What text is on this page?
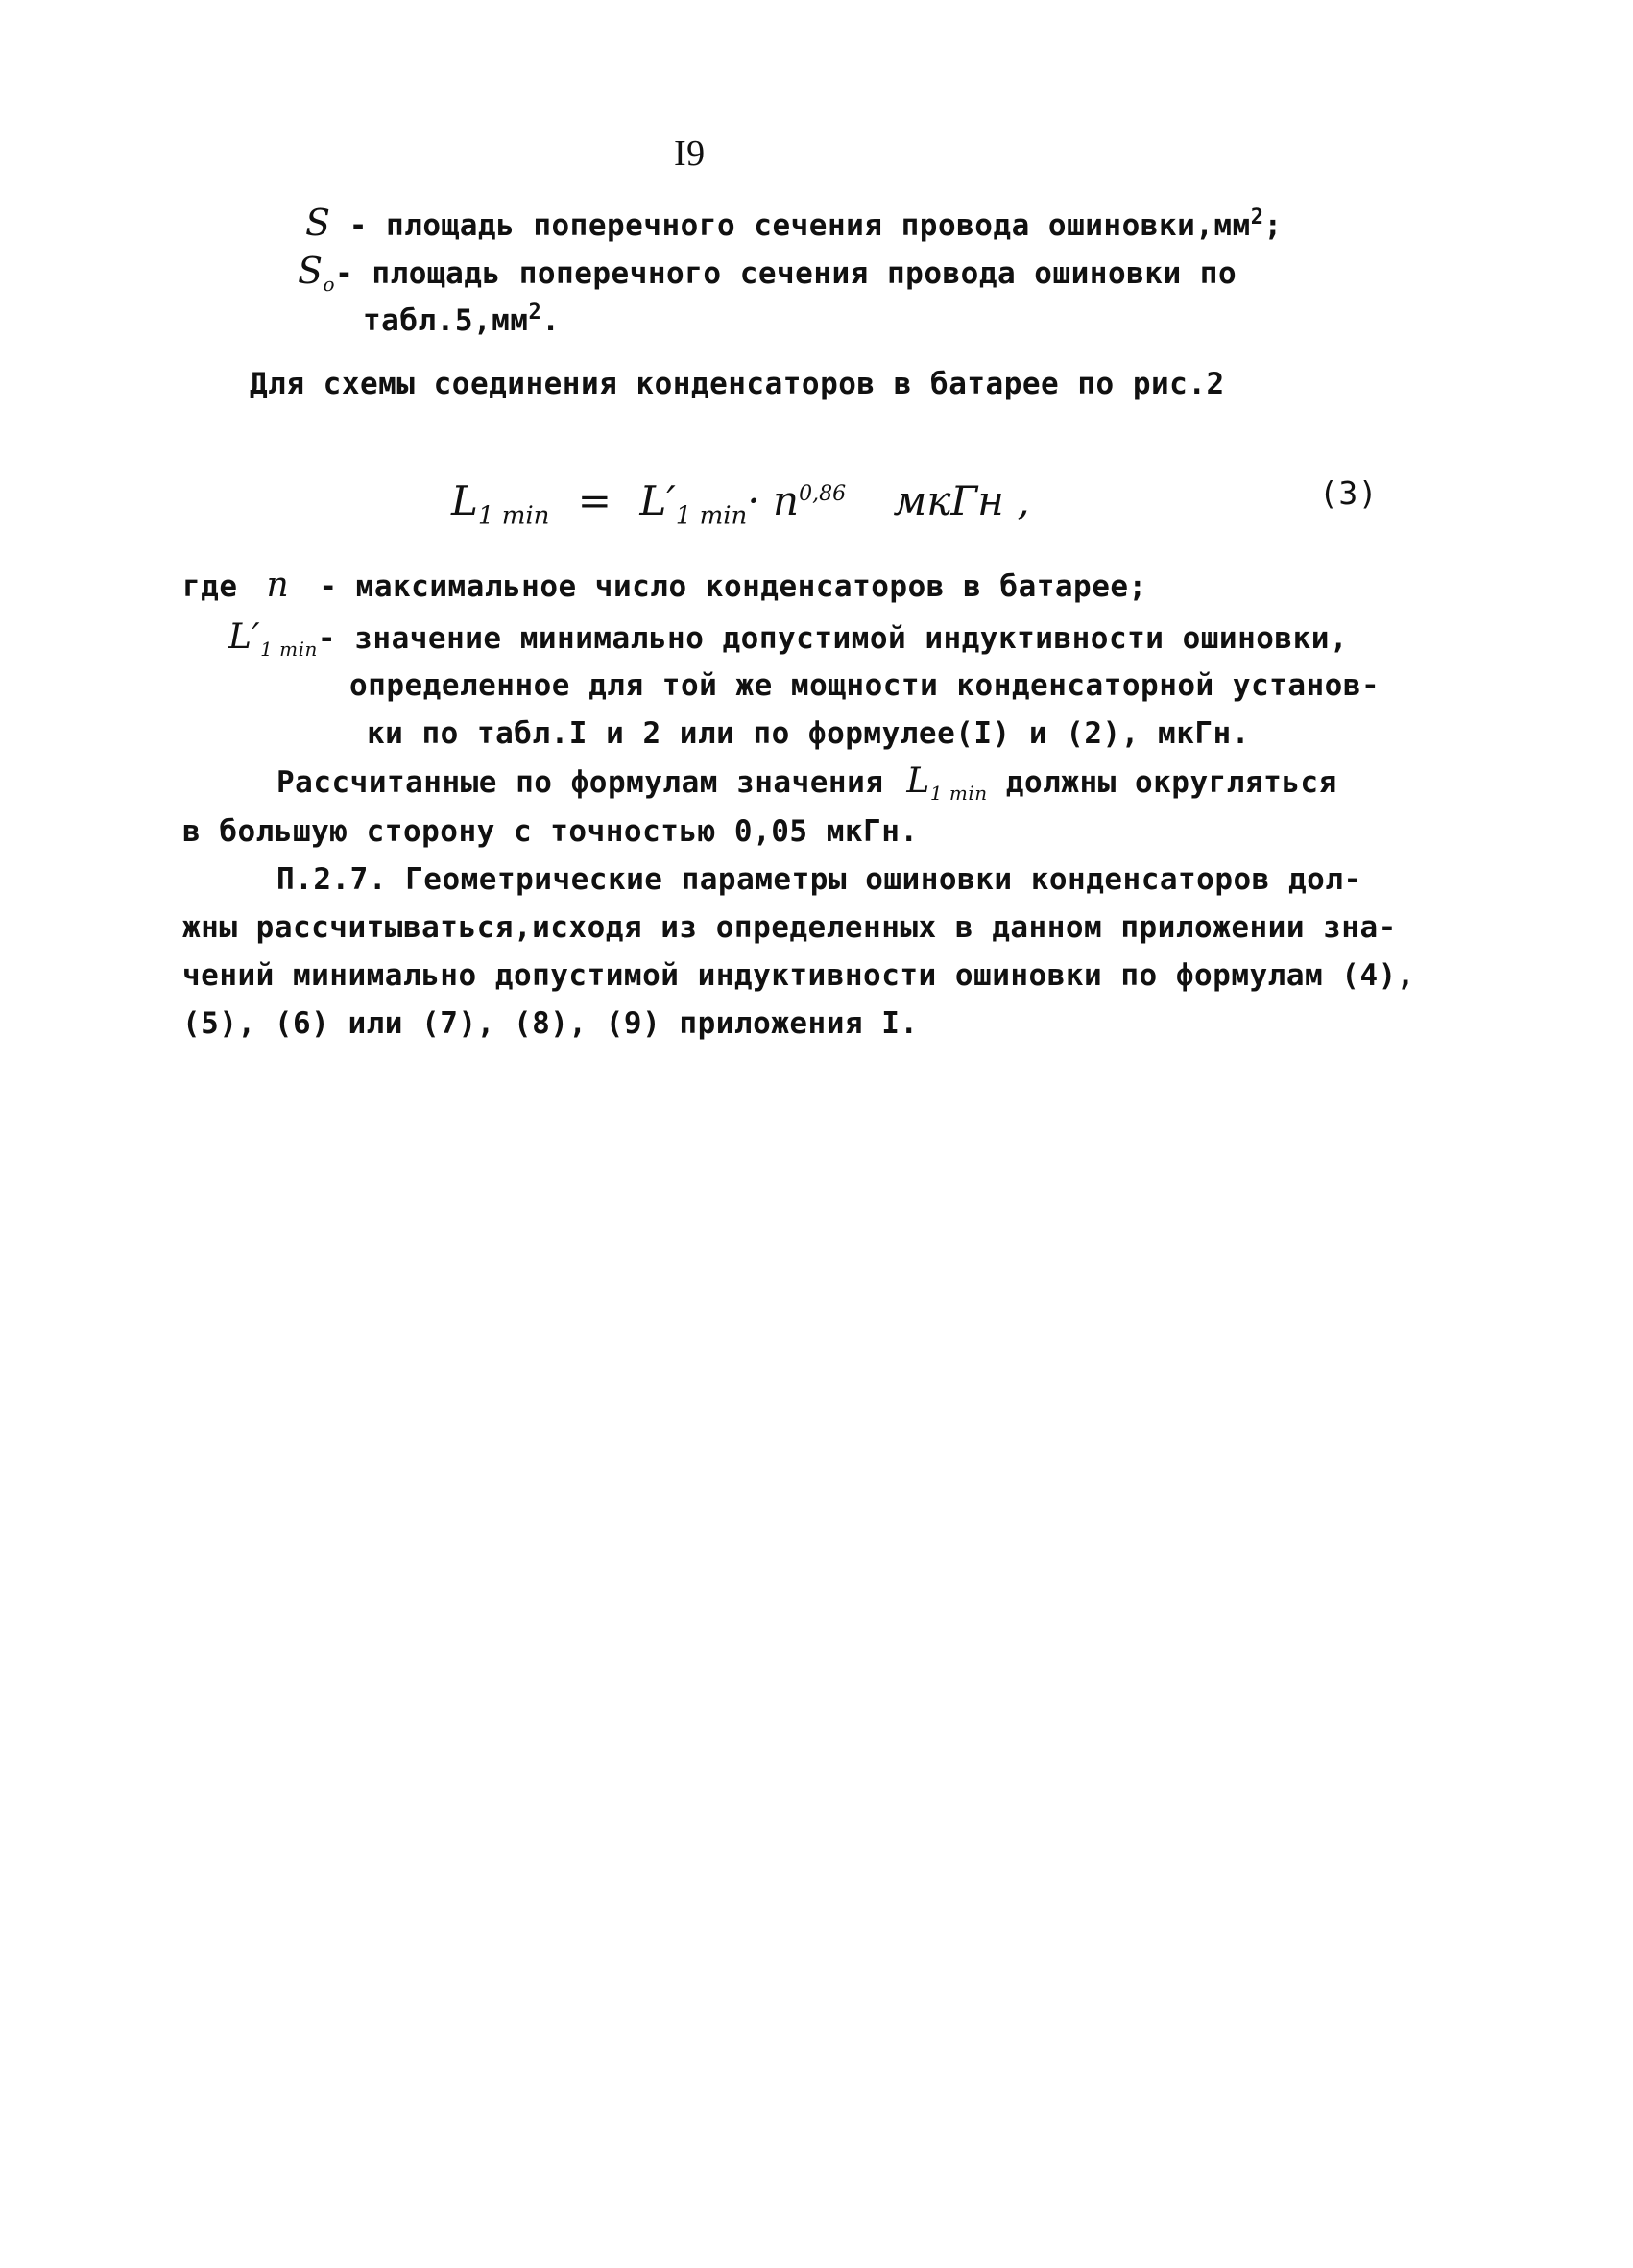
I9
S - площадь поперечного сечения провода $ошиновки,мм^2$;
$S_o-$ площадь поперечного сечения провода ошиновки по
$табл.5,мм^2$.
Для схемы соединения конденсаторов в батарее по рис.2
$L_{1 min} = L'_{1 min}\cdot n^{0,86}$ мкГн ,	(3)
где n - максимальное число конденсаторов в батарее;
$L'_{1 min}-$ значение минимально допустимой индуктивности ошиновки,
определенное для той же мощности конденсаторной установ-
ки по табл.I и 2 или по формулее(I) и (2), мкГн.
Рассчитанные по формулам значения $L_{1 min}$ должны округляться
в большую сторону с точностью 0,05 мкГн.
П.2.7. Геометрические параметры ошиновки конденсаторов дол-
жны рассчитываться,исходя из определенных в данном приложении зна-
чений минимально допустимой индуктивности ошиновки по формулам (4),
(5), (6) или (7), (8), (9) приложения I.
